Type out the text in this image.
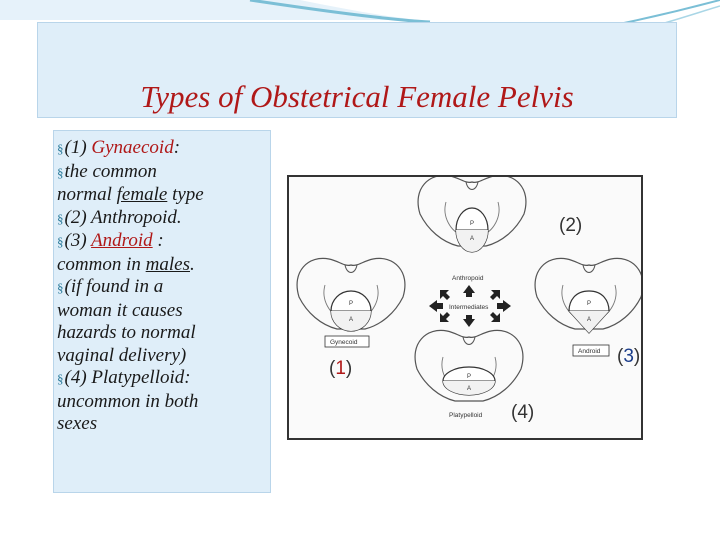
Types of Obstetrical Female Pelvis

§(1) Gynaecoid:

§the common

normal female type

§(2) Anthropoid.

§(3) Android :

common in males.

§(if found in a

woman it causes

hazards to normal

vaginal delivery)

§(4) Platypelloid:

uncommon in both

sexes

Anthropoid
P
A
Intermediates
P
A
Gynecoid
P
A
Android
P
A
Platypelloid
(2)
(1)
(3)
(4)
